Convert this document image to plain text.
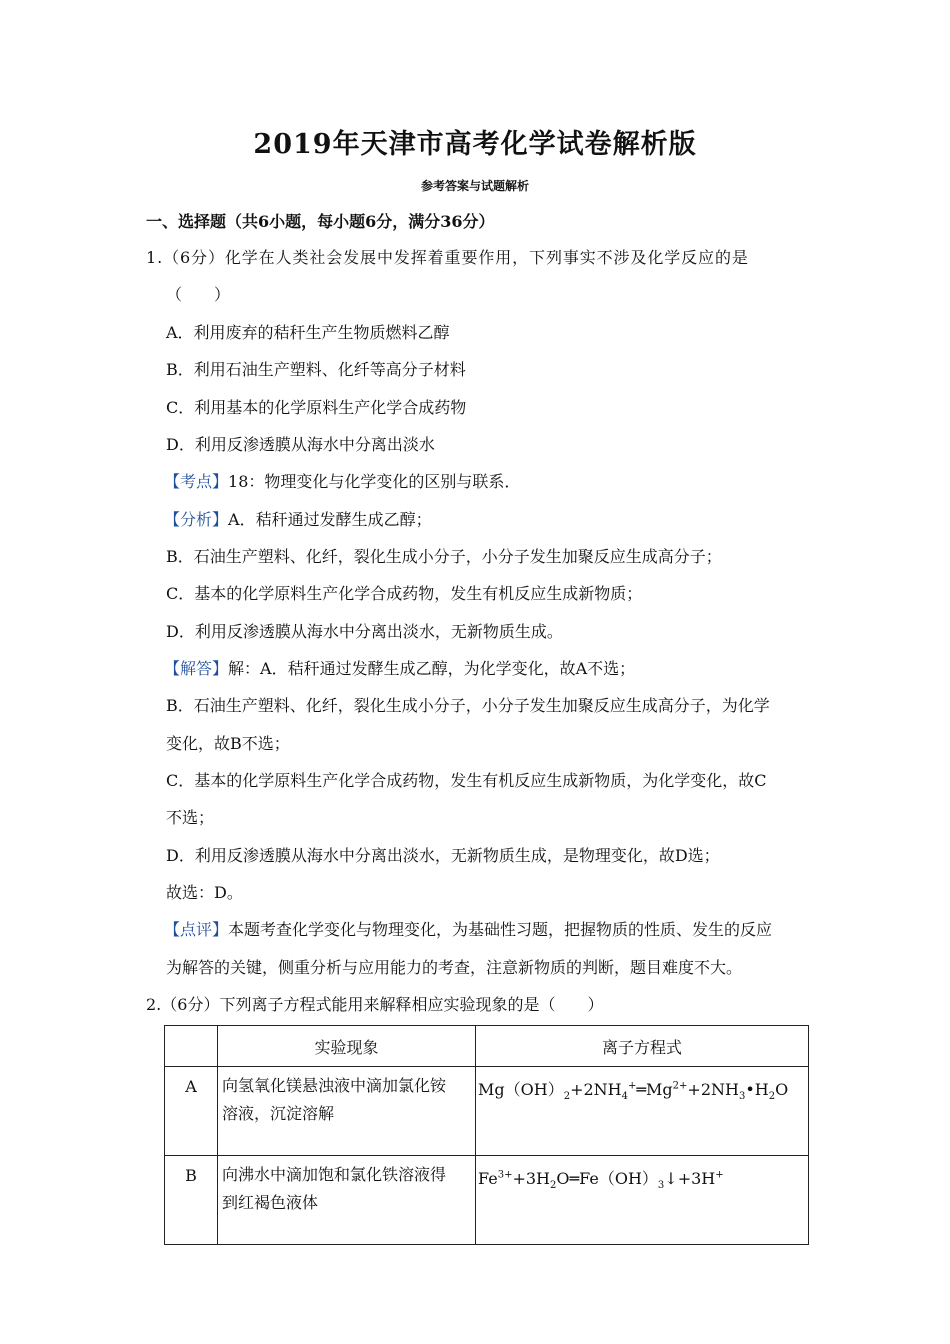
2019年天津市高考化学试卷解析版
参考答案与试题解析
一、选择题（共6小题，每小题6分，满分36分）
1.（6分）化学在人类社会发展中发挥着重要作用，下列事实不涉及化学反应的是
（　　）
A．利用废弃的秸秆生产生物质燃料乙醇
B．利用石油生产塑料、化纤等高分子材料
C．利用基本的化学原料生产化学合成药物
D．利用反渗透膜从海水中分离出淡水
【考点】18：物理变化与化学变化的区别与联系．
【分析】A．秸秆通过发酵生成乙醇；
B．石油生产塑料、化纤，裂化生成小分子，小分子发生加聚反应生成高分子；
C．基本的化学原料生产化学合成药物，发生有机反应生成新物质；
D．利用反渗透膜从海水中分离出淡水，无新物质生成。
【解答】解：A．秸秆通过发酵生成乙醇，为化学变化，故A不选；
B．石油生产塑料、化纤，裂化生成小分子，小分子发生加聚反应生成高分子，为化学
变化，故B不选；
C．基本的化学原料生产化学合成药物，发生有机反应生成新物质，为化学变化，故C
不选；
D．利用反渗透膜从海水中分离出淡水，无新物质生成，是物理变化，故D选；
故选：D。
【点评】本题考查化学变化与物理变化，为基础性习题，把握物质的性质、发生的反应
为解答的关键，侧重分析与应用能力的考查，注意新物质的判断，题目难度不大。
2.（6分）下列离子方程式能用来解释相应实验现象的是（　　）
	实验现象	离子方程式
A	向氢氧化镁悬浊液中滴加氯化铵
溶液，沉淀溶解	$Mg(OH)_2+2NH_4^+═Mg^{2+}+2NH_3•H_2O$
B	向沸水中滴加饱和氯化铁溶液得
到红褐色液体	$Fe^{3+}+3H_2O═Fe(OH)_3↓+3H^+$
